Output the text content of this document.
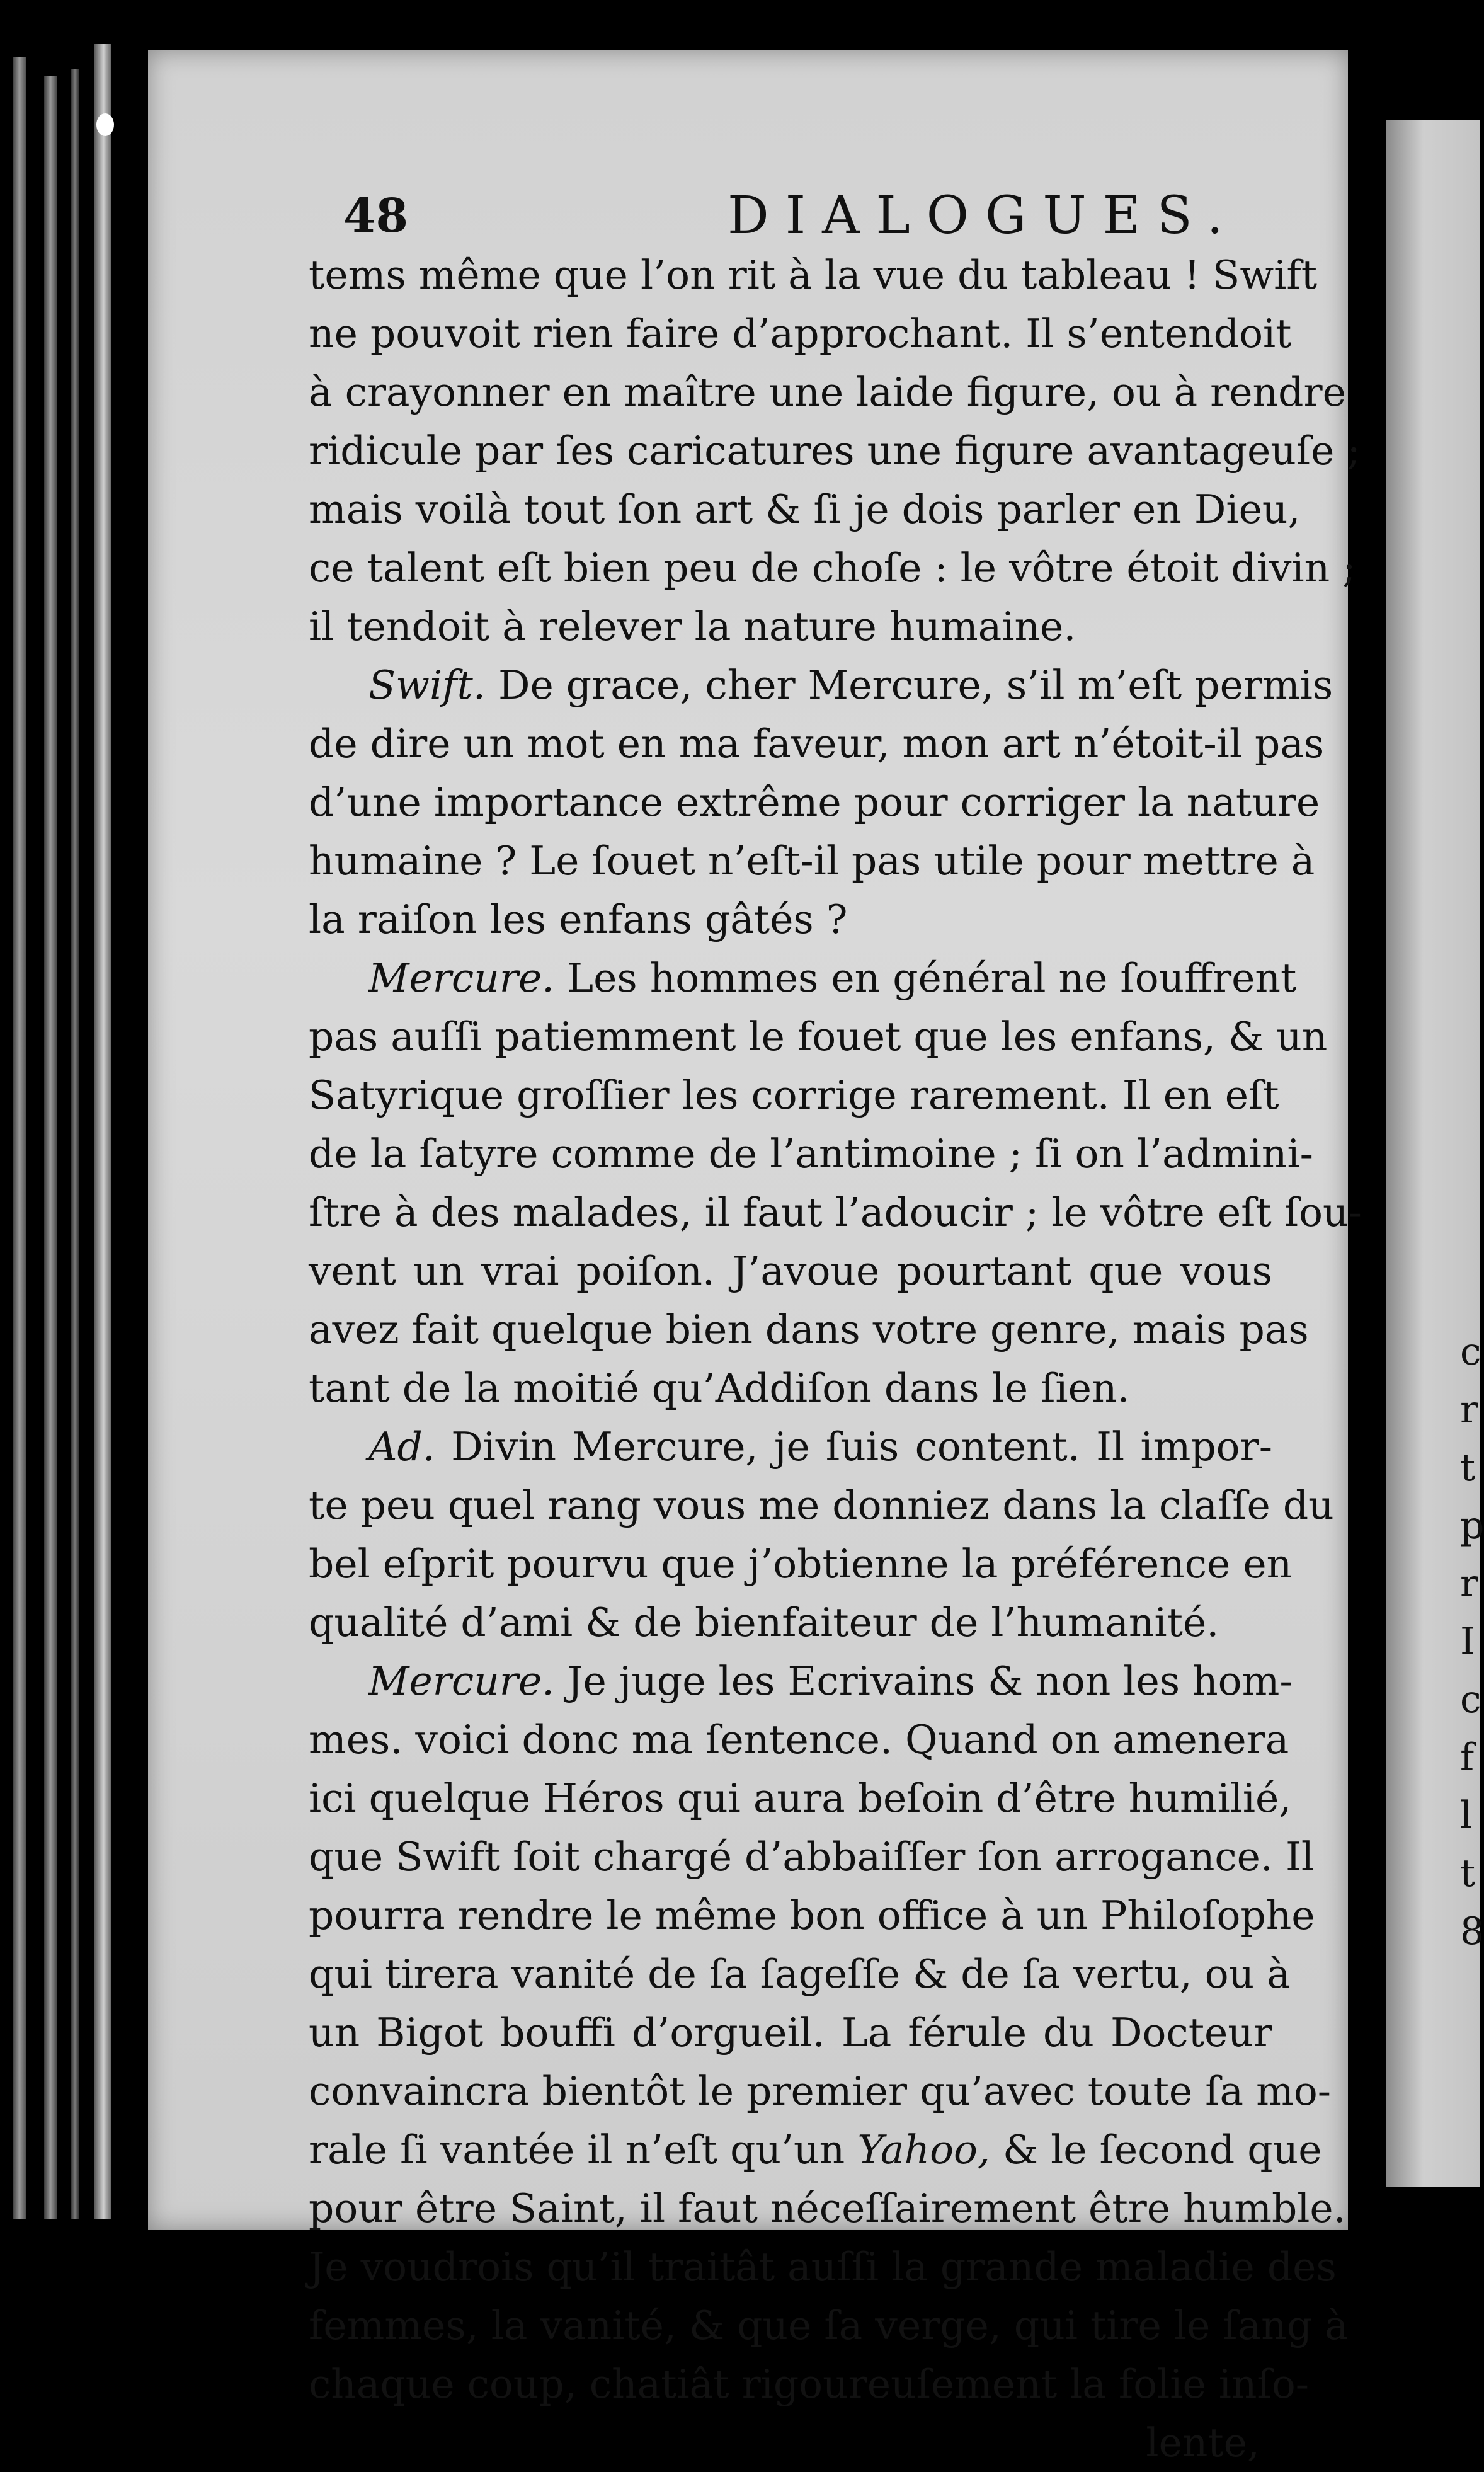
48	DIALOGUES.
tems même que l’on rit à la vue du tableau ! Swift
ne pouvoit rien faire d’approchant. Il s’entendoit
à crayonner en maître une laide figure, ou à rendre
ridicule par ſes caricatures une figure avantageuſe ;
mais voilà tout ſon art & ſi je dois parler en Dieu,
ce talent eſt bien peu de choſe : le vôtre étoit divin ;
il tendoit à relever la nature humaine.
Swift. De grace, cher Mercure, s’il m’eſt permis
de dire un mot en ma faveur, mon art n’étoit-il pas
d’une importance extrême pour corriger la nature
humaine ? Le ſouet n’eſt-il pas utile pour mettre à
la raiſon les enfans gâtés ?
Mercure. Les hommes en général ne ſouffrent
pas auſſi patiemment le fouet que les enfans, & un
Satyrique groſſier les corrige rarement. Il en eſt
de la ſatyre comme de l’antimoine ; ſi on l’admini-
ſtre à des malades, il faut l’adoucir ; le vôtre eſt ſou-
vent un vrai poiſon. J’avoue pourtant que vous
avez fait quelque bien dans votre genre, mais pas
tant de la moitié qu’Addiſon dans le ſien.
Ad. Divin Mercure, je ſuis content. Il impor-
te peu quel rang vous me donniez dans la claſſe du
bel eſprit pourvu que j’obtienne la préférence en
qualité d’ami & de bienfaiteur de l’humanité.
Mercure. Je juge les Ecrivains & non les hom-
mes. voici donc ma ſentence. Quand on amenera
ici quelque Héros qui aura beſoin d’être humilié,
que Swift ſoit chargé d’abbaiſſer ſon arrogance. Il
pourra rendre le même bon office à un Philoſophe
qui tirera vanité de ſa ſageſſe & de ſa vertu, ou à
un Bigot bouffi d’orgueil. La férule du Docteur
convaincra bientôt le premier qu’avec toute ſa mo-
rale ſi vantée il n’eſt qu’un Yahoo, & le ſecond que
pour être Saint, il faut néceſſairement être humble.
Je voudrois qu’il traitât auſſi la grande maladie des
femmes, la vanité, & que ſa verge, qui tire le ſang à
chaque coup, chatiât rigoureuſement la folie inſo-
lente,
c
r
t
p
r
I
c
f
l
t
8
